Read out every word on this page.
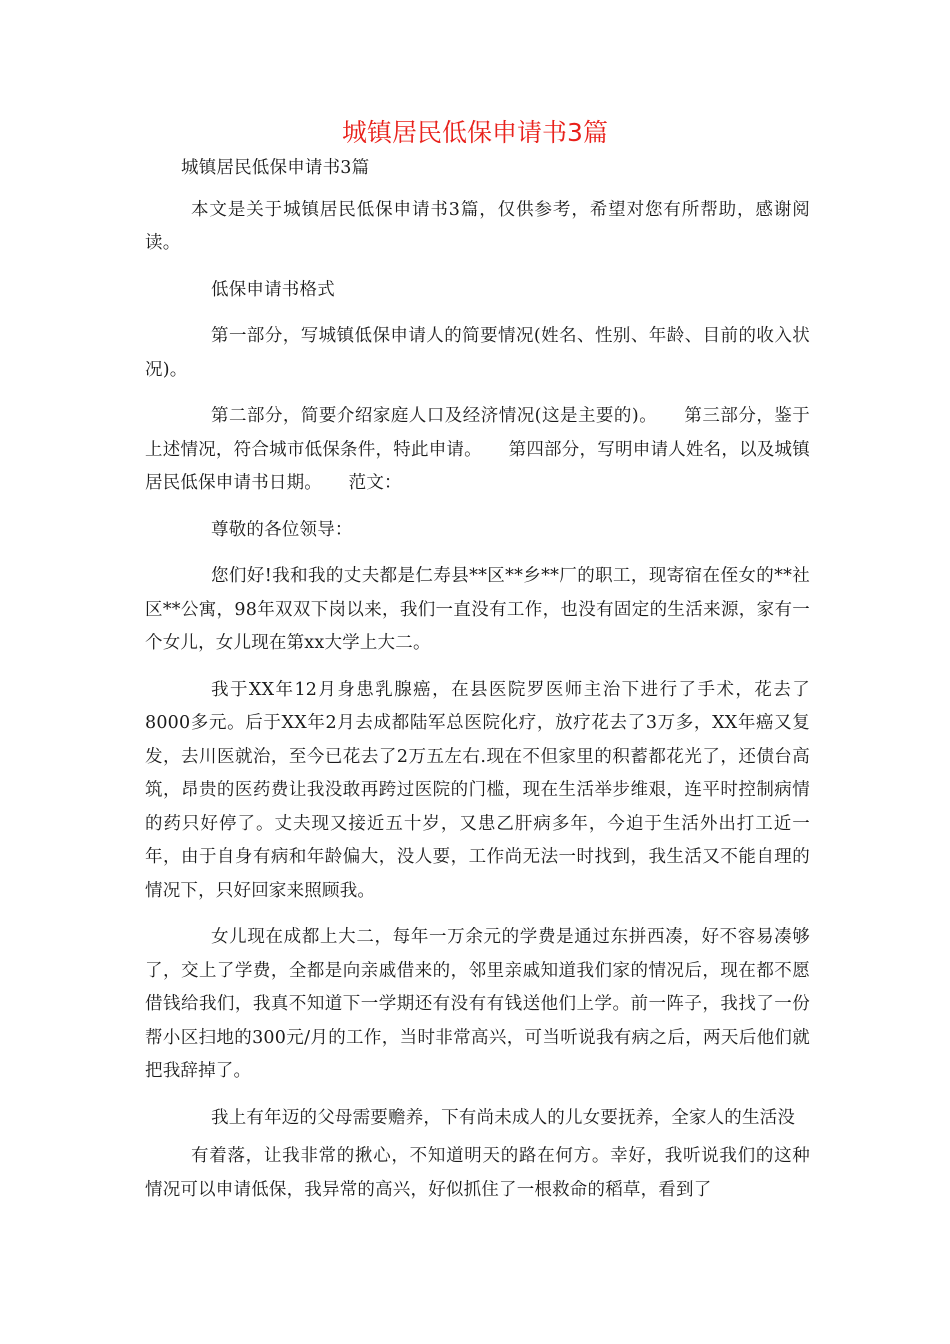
城镇居民低保申请书3篇

城镇居民低保申请书3篇

本文是关于城镇居民低保申请书3篇，仅供参考，希望对您有所帮助，感谢阅读。

低保申请书格式

第一部分，写城镇低保申请人的简要情况(姓名、性别、年龄、目前的收入状况)。

第二部分，简要介绍家庭人口及经济情况(这是主要的)。　　第三部分，鉴于上述情况，符合城市低保条件，特此申请。　　第四部分，写明申请人姓名，以及城镇居民低保申请书日期。　　范文：

尊敬的各位领导：

您们好!我和我的丈夫都是仁寿县**区**乡**厂的职工，现寄宿在侄女的**社区**公寓，98年双双下岗以来，我们一直没有工作，也没有固定的生活来源，家有一个女儿，女儿现在第xx大学上大二。

我于XX年12月身患乳腺癌，在县医院罗医师主治下进行了手术，花去了8000多元。后于XX年2月去成都陆军总医院化疗，放疗花去了3万多，XX年癌又复发，去川医就治，至今已花去了2万五左右.现在不但家里的积蓄都花光了，还债台高筑，昂贵的医药费让我没敢再跨过医院的门槛，现在生活举步维艰，连平时控制病情的药只好停了。丈夫现又接近五十岁，又患乙肝病多年，今迫于生活外出打工近一年，由于自身有病和年龄偏大，没人要，工作尚无法一时找到，我生活又不能自理的情况下，只好回家来照顾我。

女儿现在成都上大二，每年一万余元的学费是通过东拼西凑，好不容易凑够了，交上了学费，全都是向亲戚借来的，邻里亲戚知道我们家的情况后，现在都不愿借钱给我们，我真不知道下一学期还有没有有钱送他们上学。前一阵子，我找了一份帮小区扫地的300元/月的工作，当时非常高兴，可当听说我有病之后，两天后他们就把我辞掉了。

我上有年迈的父母需要赡养，下有尚未成人的儿女要抚养，全家人的生活没

有着落，让我非常的揪心，不知道明天的路在何方。幸好，我听说我们的这种情况可以申请低保，我异常的高兴，好似抓住了一根救命的稻草，看到了
